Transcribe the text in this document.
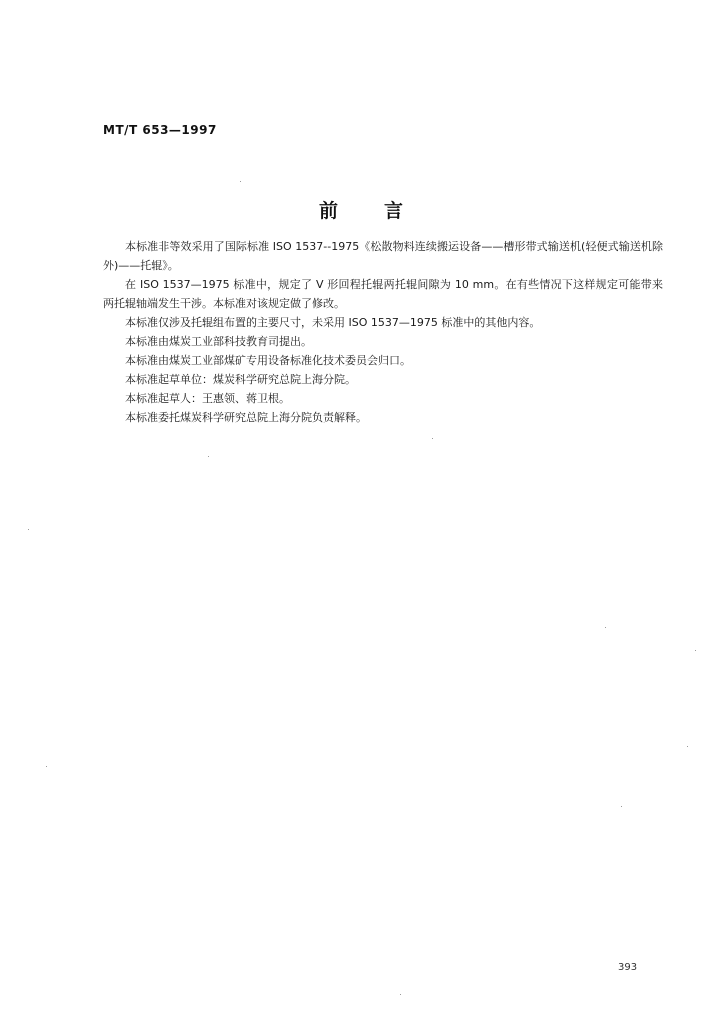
MT/T 653—1997
前言

本标准非等效采用了国际标准 ISO 1537--1975《松散物料连续搬运设备——槽形带式输送机(轻便式输送机除外)——托辊》。

在 ISO 1537—1975 标准中，规定了 V 形回程托辊两托辊间隙为 10 mm。在有些情况下这样规定可能带来两托辊轴端发生干涉。本标准对该规定做了修改。

本标准仅涉及托辊组布置的主要尺寸，未采用 ISO 1537—1975 标准中的其他内容。

本标准由煤炭工业部科技教育司提出。

本标准由煤炭工业部煤矿专用设备标准化技术委员会归口。

本标准起草单位：煤炭科学研究总院上海分院。

本标准起草人：王惠领、蒋卫根。

本标准委托煤炭科学研究总院上海分院负责解释。

393
